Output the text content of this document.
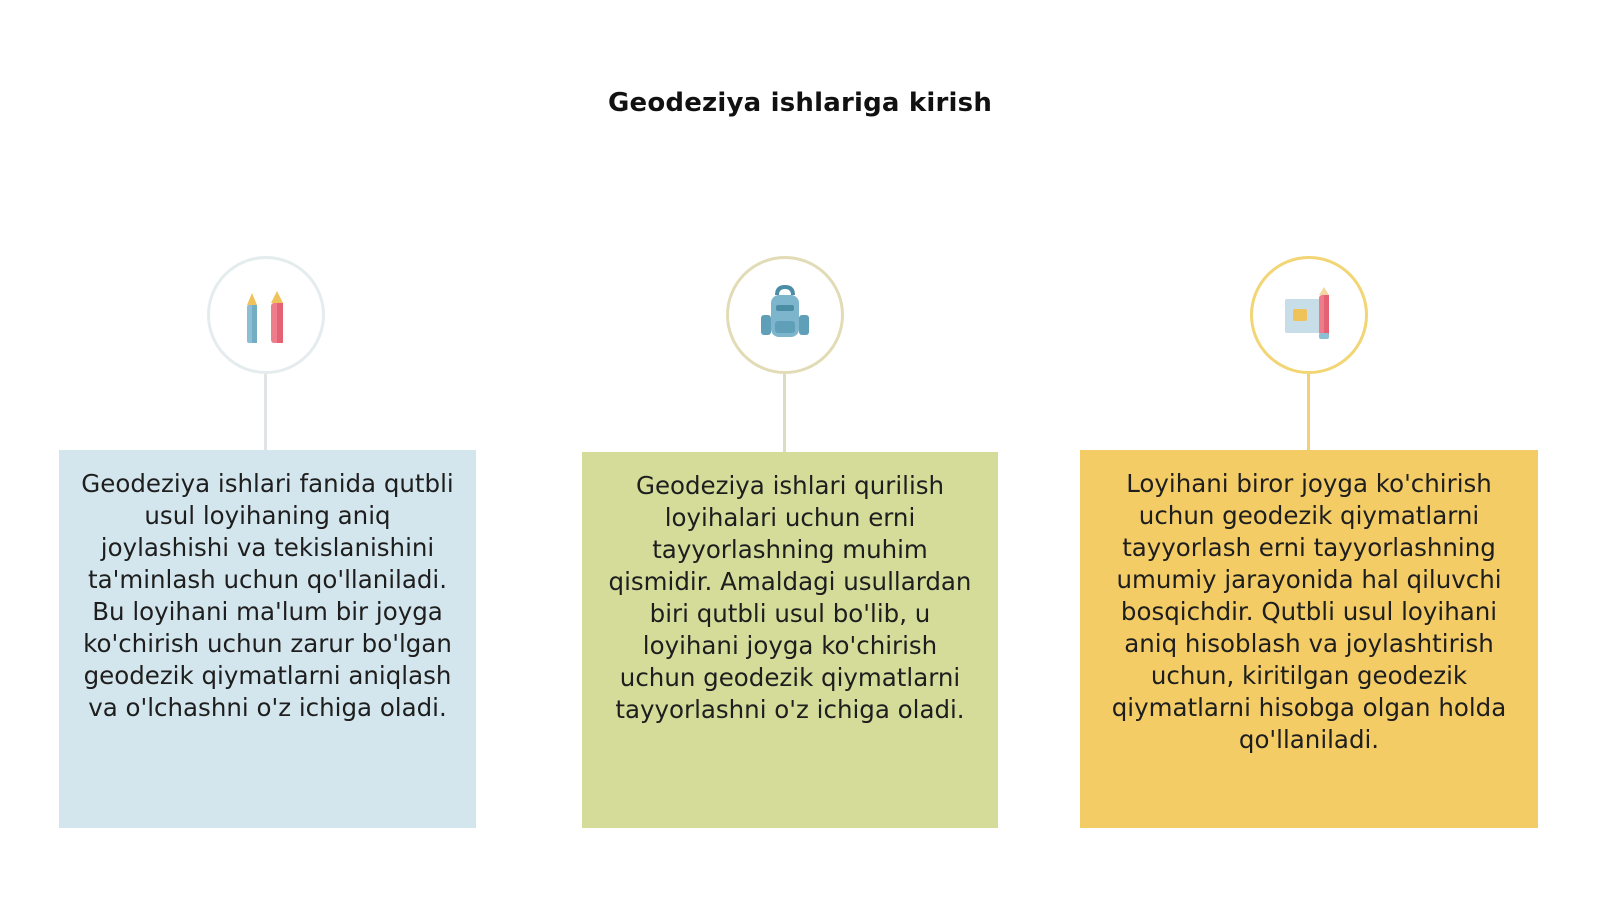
Geodeziya ishlariga kirish

Geodeziya ishlari fanida qutbli usul loyihaning aniq joylashishi va tekislanishini ta'minlash uchun qo'llaniladi. Bu loyihani ma'lum bir joyga ko'chirish uchun zarur bo'lgan geodezik qiymatlarni aniqlash va o'lchashni o'z ichiga oladi.

Geodeziya ishlari qurilish loyihalari uchun erni tayyorlashning muhim qismidir. Amaldagi usullardan biri qutbli usul bo'lib, u loyihani joyga ko'chirish uchun geodezik qiymatlarni tayyorlashni o'z ichiga oladi.

Loyihani biror joyga ko'chirish uchun geodezik qiymatlarni tayyorlash erni tayyorlashning umumiy jarayonida hal qiluvchi bosqichdir. Qutbli usul loyihani aniq hisoblash va joylashtirish uchun, kiritilgan geodezik qiymatlarni hisobga olgan holda qo'llaniladi.
